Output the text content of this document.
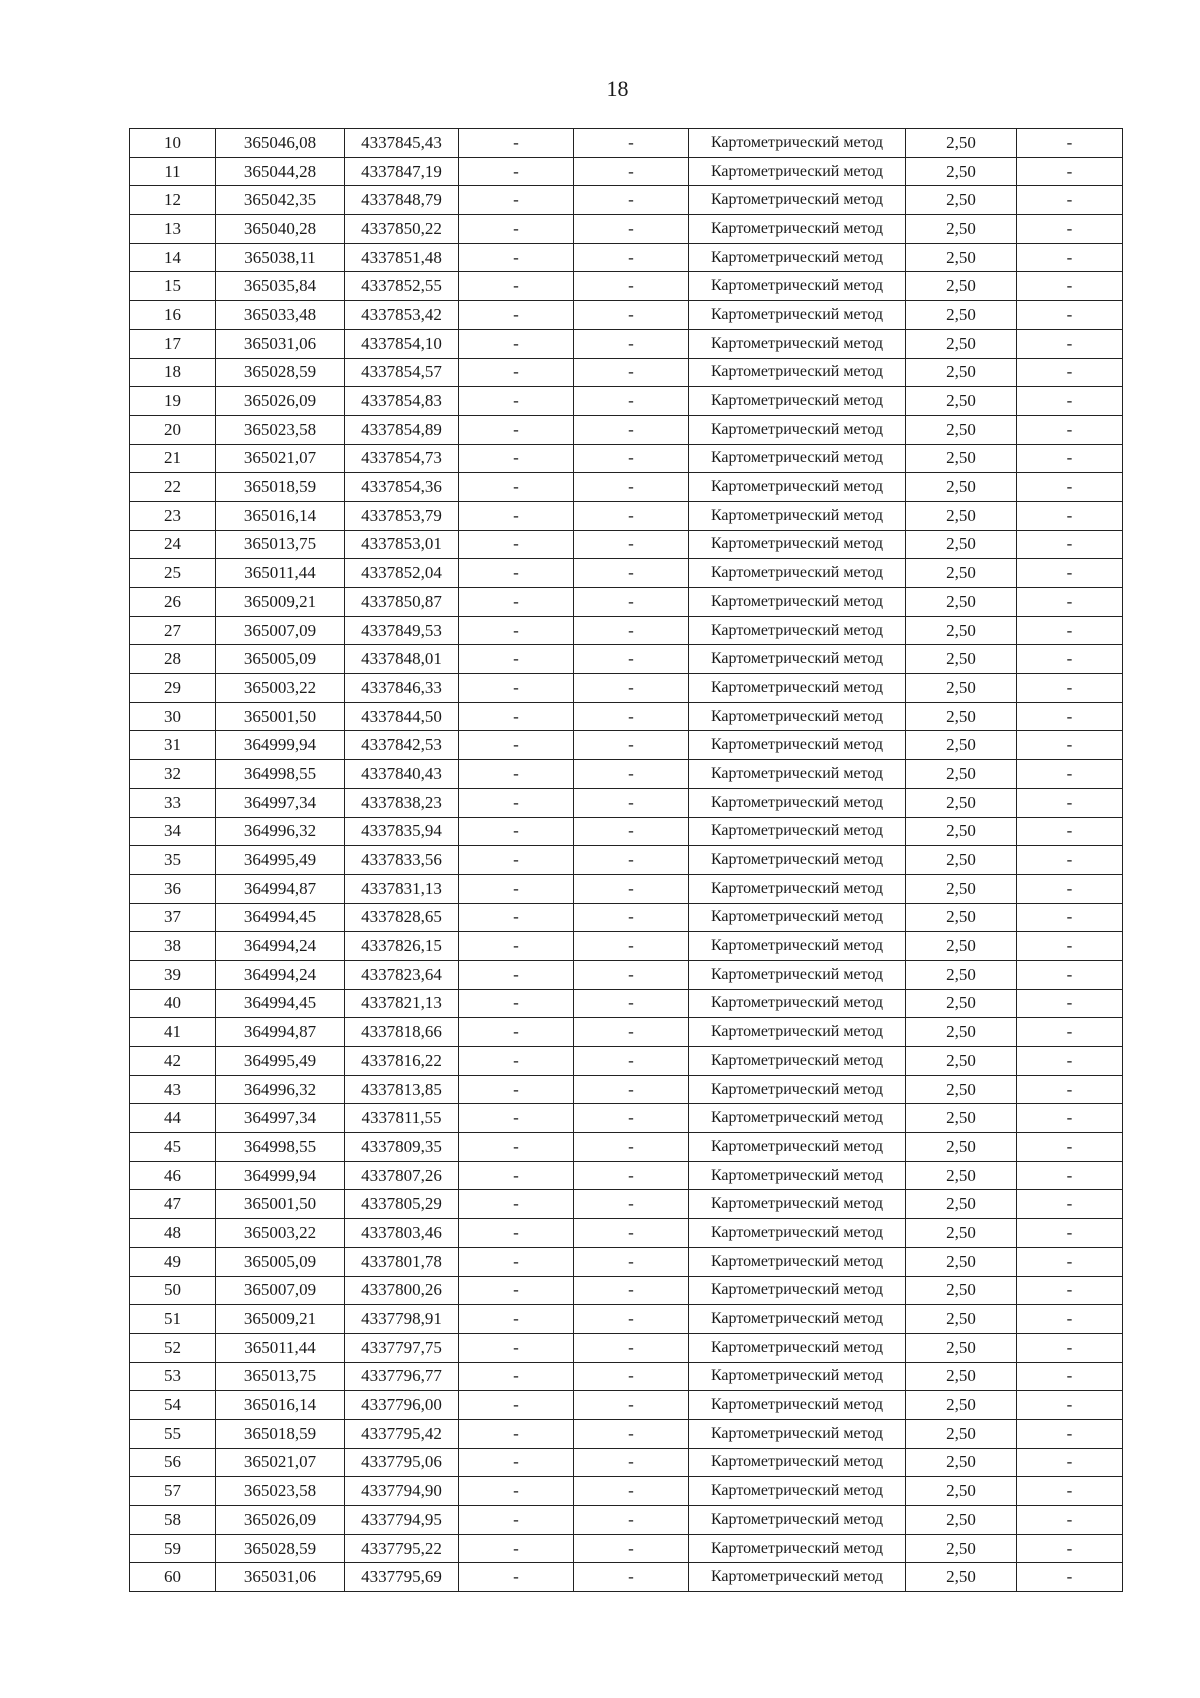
18
10	365046,08	4337845,43	-	-	Картометрический метод	2,50	-
11	365044,28	4337847,19	-	-	Картометрический метод	2,50	-
12	365042,35	4337848,79	-	-	Картометрический метод	2,50	-
13	365040,28	4337850,22	-	-	Картометрический метод	2,50	-
14	365038,11	4337851,48	-	-	Картометрический метод	2,50	-
15	365035,84	4337852,55	-	-	Картометрический метод	2,50	-
16	365033,48	4337853,42	-	-	Картометрический метод	2,50	-
17	365031,06	4337854,10	-	-	Картометрический метод	2,50	-
18	365028,59	4337854,57	-	-	Картометрический метод	2,50	-
19	365026,09	4337854,83	-	-	Картометрический метод	2,50	-
20	365023,58	4337854,89	-	-	Картометрический метод	2,50	-
21	365021,07	4337854,73	-	-	Картометрический метод	2,50	-
22	365018,59	4337854,36	-	-	Картометрический метод	2,50	-
23	365016,14	4337853,79	-	-	Картометрический метод	2,50	-
24	365013,75	4337853,01	-	-	Картометрический метод	2,50	-
25	365011,44	4337852,04	-	-	Картометрический метод	2,50	-
26	365009,21	4337850,87	-	-	Картометрический метод	2,50	-
27	365007,09	4337849,53	-	-	Картометрический метод	2,50	-
28	365005,09	4337848,01	-	-	Картометрический метод	2,50	-
29	365003,22	4337846,33	-	-	Картометрический метод	2,50	-
30	365001,50	4337844,50	-	-	Картометрический метод	2,50	-
31	364999,94	4337842,53	-	-	Картометрический метод	2,50	-
32	364998,55	4337840,43	-	-	Картометрический метод	2,50	-
33	364997,34	4337838,23	-	-	Картометрический метод	2,50	-
34	364996,32	4337835,94	-	-	Картометрический метод	2,50	-
35	364995,49	4337833,56	-	-	Картометрический метод	2,50	-
36	364994,87	4337831,13	-	-	Картометрический метод	2,50	-
37	364994,45	4337828,65	-	-	Картометрический метод	2,50	-
38	364994,24	4337826,15	-	-	Картометрический метод	2,50	-
39	364994,24	4337823,64	-	-	Картометрический метод	2,50	-
40	364994,45	4337821,13	-	-	Картометрический метод	2,50	-
41	364994,87	4337818,66	-	-	Картометрический метод	2,50	-
42	364995,49	4337816,22	-	-	Картометрический метод	2,50	-
43	364996,32	4337813,85	-	-	Картометрический метод	2,50	-
44	364997,34	4337811,55	-	-	Картометрический метод	2,50	-
45	364998,55	4337809,35	-	-	Картометрический метод	2,50	-
46	364999,94	4337807,26	-	-	Картометрический метод	2,50	-
47	365001,50	4337805,29	-	-	Картометрический метод	2,50	-
48	365003,22	4337803,46	-	-	Картометрический метод	2,50	-
49	365005,09	4337801,78	-	-	Картометрический метод	2,50	-
50	365007,09	4337800,26	-	-	Картометрический метод	2,50	-
51	365009,21	4337798,91	-	-	Картометрический метод	2,50	-
52	365011,44	4337797,75	-	-	Картометрический метод	2,50	-
53	365013,75	4337796,77	-	-	Картометрический метод	2,50	-
54	365016,14	4337796,00	-	-	Картометрический метод	2,50	-
55	365018,59	4337795,42	-	-	Картометрический метод	2,50	-
56	365021,07	4337795,06	-	-	Картометрический метод	2,50	-
57	365023,58	4337794,90	-	-	Картометрический метод	2,50	-
58	365026,09	4337794,95	-	-	Картометрический метод	2,50	-
59	365028,59	4337795,22	-	-	Картометрический метод	2,50	-
60	365031,06	4337795,69	-	-	Картометрический метод	2,50	-
